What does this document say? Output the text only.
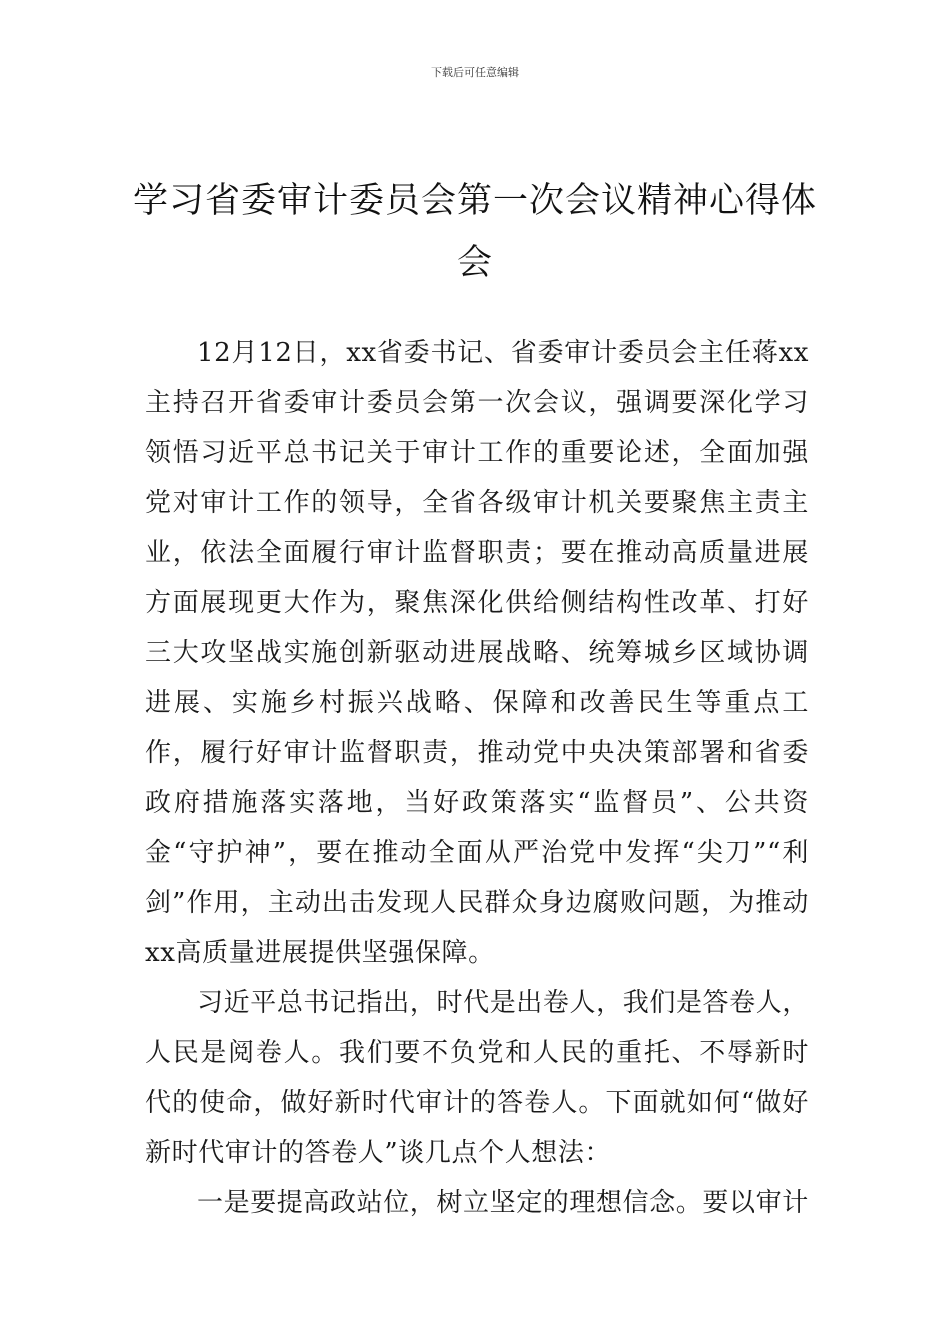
下载后可任意编辑
学习省委审计委员会第一次会议精神心得体会

12月12日，xx省委书记、省委审计委员会主任蒋xx主持召开省委审计委员会第一次会议，强调要深化学习领悟习近平总书记关于审计工作的重要论述，全面加强党对审计工作的领导，全省各级审计机关要聚焦主责主业，依法全面履行审计监督职责；要在推动高质量进展方面展现更大作为，聚焦深化供给侧结构性改革、打好三大攻坚战实施创新驱动进展战略、统筹城乡区域协调进展、实施乡村振兴战略、保障和改善民生等重点工作，履行好审计监督职责，推动党中央决策部署和省委政府措施落实落地，当好政策落实“监督员”、公共资金“守护神”，要在推动全面从严治党中发挥“尖刀”“利剑”作用，主动出击发现人民群众身边腐败问题，为推动xx高质量进展提供坚强保障。

习近平总书记指出，时代是出卷人，我们是答卷人，人民是阅卷人。我们要不负党和人民的重托、不辱新时代的使命，做好新时代审计的答卷人。下面就如何“做好新时代审计的答卷人”谈几点个人想法：

一是要提高政站位，树立坚定的理想信念。要以审计
